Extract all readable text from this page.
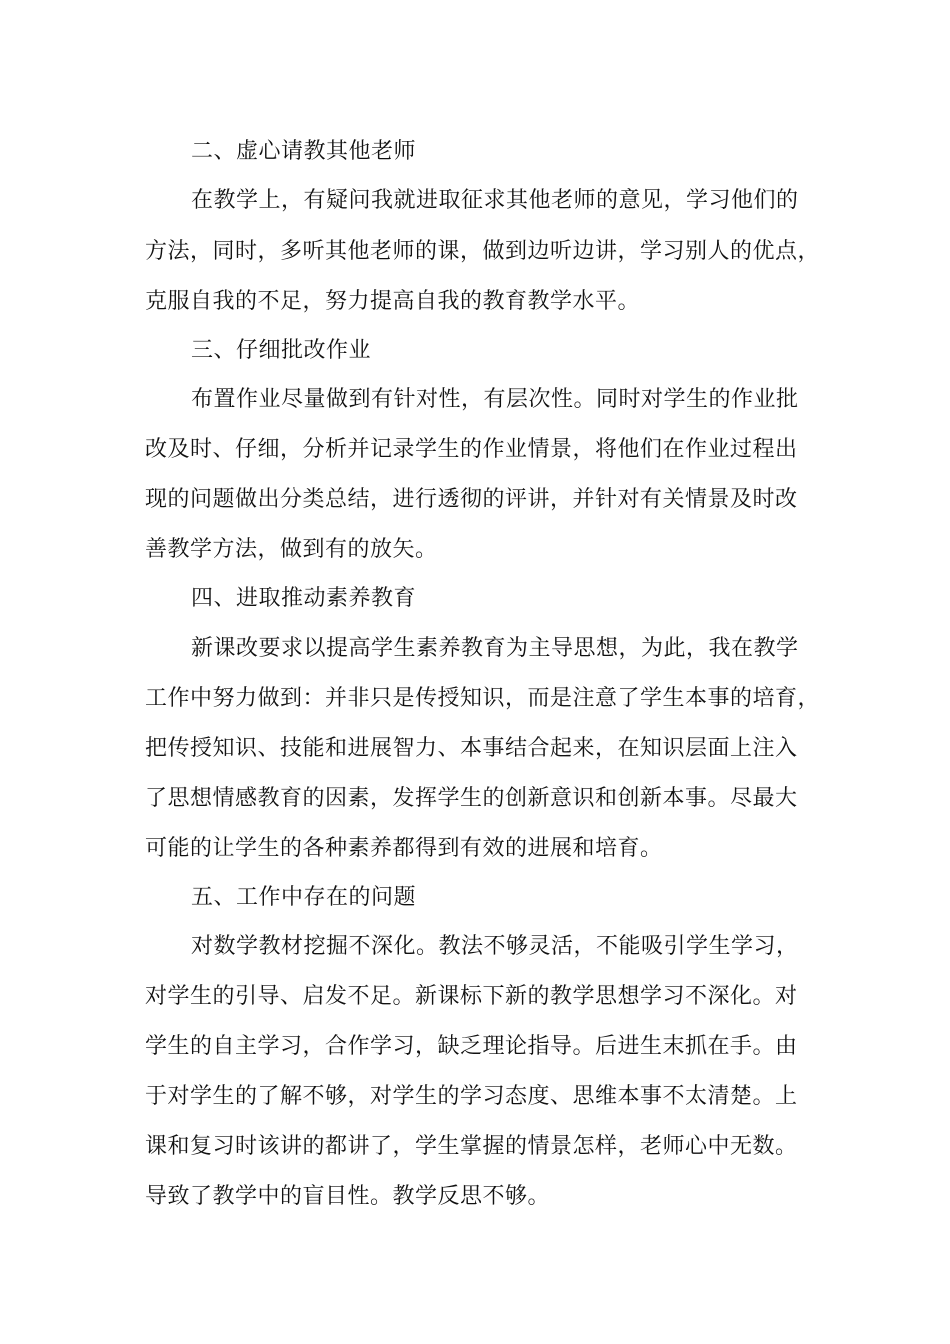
二、虚心请教其他老师
在教学上，有疑问我就进取征求其他老师的意见，学习他们的
方法，同时，多听其他老师的课，做到边听边讲，学习别人的优点，
克服自我的不足，努力提高自我的教育教学水平。
三、仔细批改作业
布置作业尽量做到有针对性，有层次性。同时对学生的作业批
改及时、仔细，分析并记录学生的作业情景，将他们在作业过程出
现的问题做出分类总结，进行透彻的评讲，并针对有关情景及时改
善教学方法，做到有的放矢。
四、进取推动素养教育
新课改要求以提高学生素养教育为主导思想，为此，我在教学
工作中努力做到：并非只是传授知识，而是注意了学生本事的培育，
把传授知识、技能和进展智力、本事结合起来，在知识层面上注入
了思想情感教育的因素，发挥学生的创新意识和创新本事。尽最大
可能的让学生的各种素养都得到有效的进展和培育。
五、工作中存在的问题
对数学教材挖掘不深化。教法不够灵活，不能吸引学生学习，
对学生的引导、启发不足。新课标下新的教学思想学习不深化。对
学生的自主学习，合作学习，缺乏理论指导。后进生末抓在手。由
于对学生的了解不够，对学生的学习态度、思维本事不太清楚。上
课和复习时该讲的都讲了，学生掌握的情景怎样，老师心中无数。
导致了教学中的盲目性。教学反思不够。
